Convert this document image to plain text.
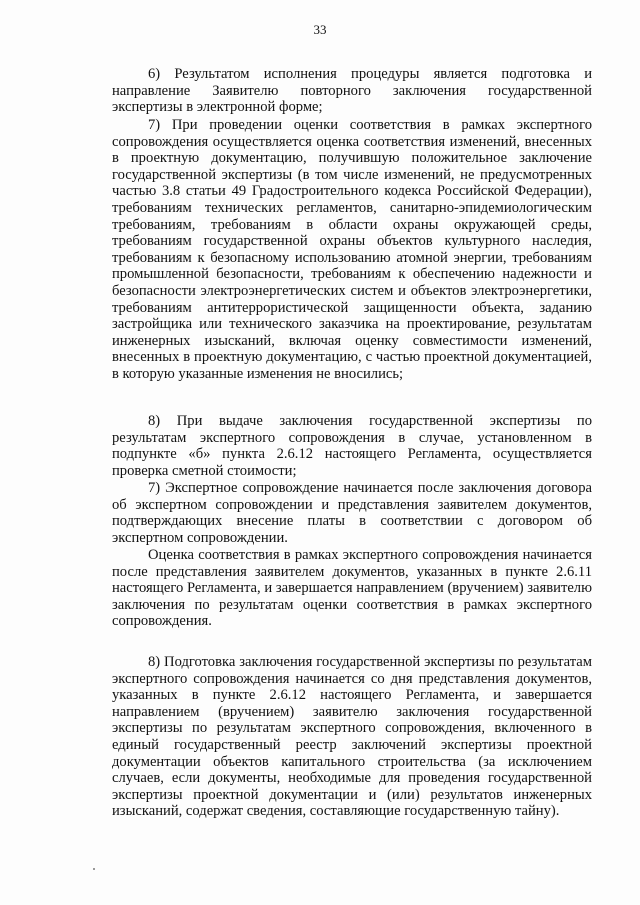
33

6) Результатом исполнения процедуры является подготовка и направление Заявителю повторного заключения государственной экспертизы в электронной форме;

7) При проведении оценки соответствия в рамках экспертного сопровождения осуществляется оценка соответствия изменений, внесенных в проектную документацию, получившую положительное заключение государственной экспертизы (в том числе изменений, не предусмотренных частью 3.8 статьи 49 Градостроительного кодекса Российской Федерации), требованиям технических регламентов, санитарно-эпидемиологическим требованиям, требованиям в области охраны окружающей среды, требованиям государственной охраны объектов культурного наследия, требованиям к безопасному использованию атомной энергии, требованиям промышленной безопасности, требованиям к обеспечению надежности и безопасности электроэнергетических систем и объектов электроэнергетики, требованиям антитеррористической защищенности объекта, заданию застройщика или технического заказчика на проектирование, результатам инженерных изысканий, включая оценку совместимости изменений, внесенных в проектную документацию, с частью проектной документацией, в которую указанные изменения не вносились;

8) При выдаче заключения государственной экспертизы по результатам экспертного сопровождения в случае, установленном в подпункте «б» пункта 2.6.12 настоящего Регламента, осуществляется проверка сметной стоимости;

7) Экспертное сопровождение начинается после заключения договора об экспертном сопровождении и представления заявителем документов, подтверждающих внесение платы в соответствии с договором об экспертном сопровождении.

Оценка соответствия в рамках экспертного сопровождения начинается после представления заявителем документов, указанных в пункте 2.6.11 настоящего Регламента, и завершается направлением (вручением) заявителю заключения по результатам оценки соответствия в рамках экспертного сопровождения.

8) Подготовка заключения государственной экспертизы по результатам экспертного сопровождения начинается со дня представления документов, указанных в пункте 2.6.12 настоящего Регламента, и завершается направлением (вручением) заявителю заключения государственной экспертизы по результатам экспертного сопровождения, включенного в единый государственный реестр заключений экспертизы проектной документации объектов капитального строительства (за исключением случаев, если документы, необходимые для проведения государственной экспертизы проектной документации и (или) результатов инженерных изысканий, содержат сведения, составляющие государственную тайну).
